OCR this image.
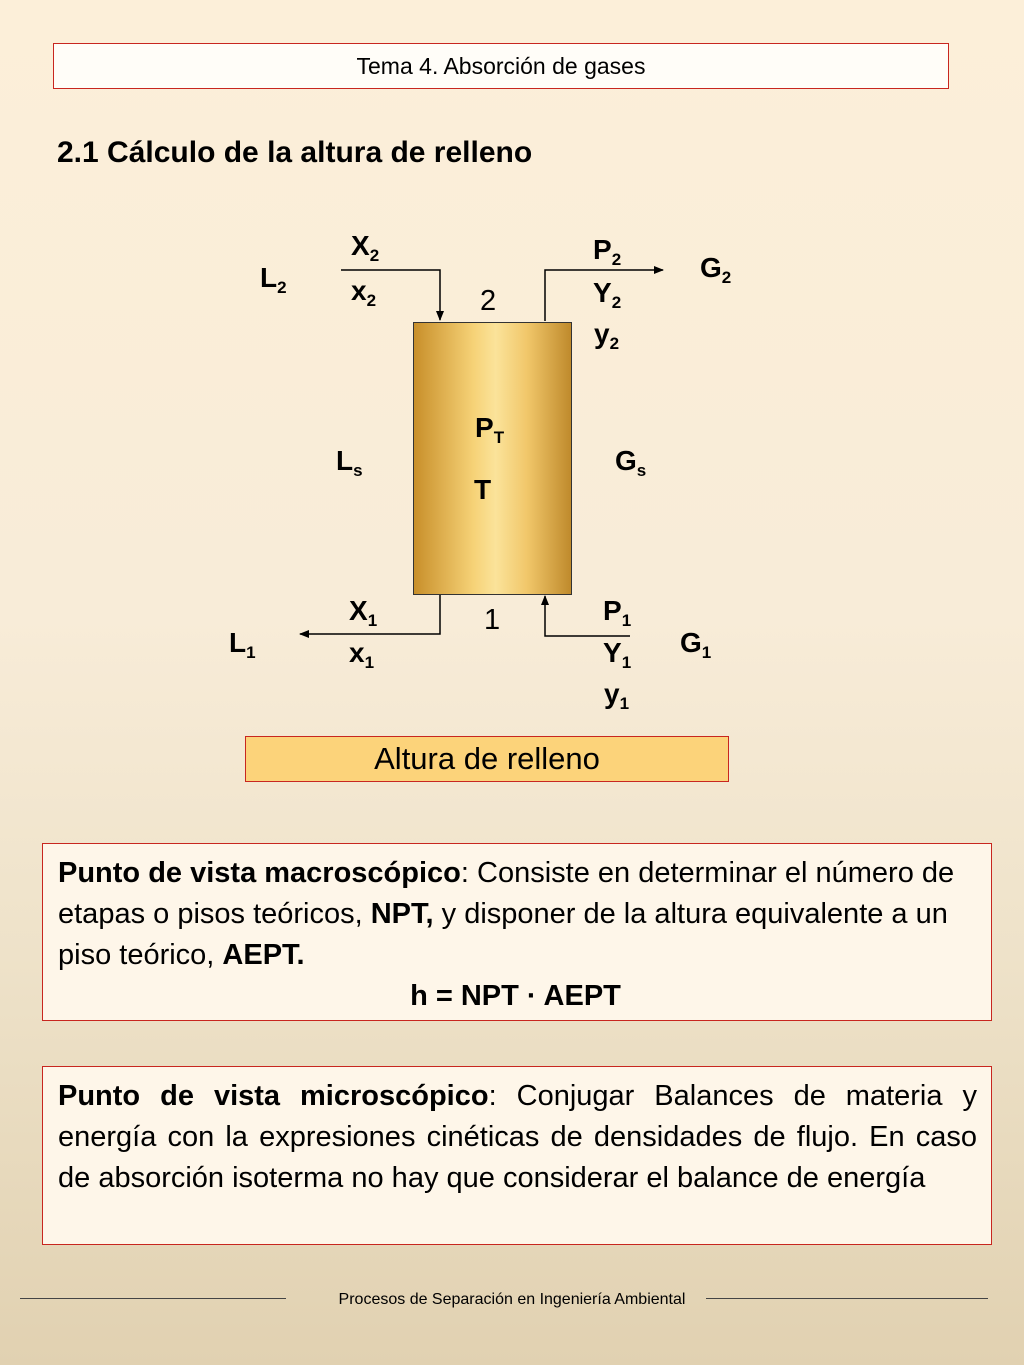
Tema 4. Absorción de gases
2.1 Cálculo de la altura de relleno
$X_2$
$x_2$
$L_2$
$P_2$
$Y_2$
$y_2$
$G_2$
2
$P_T$
T
$L_s$	$G_s$
$X_1$
$x_1$
$L_1$
$P_1$
$Y_1$
$y_1$
$G_1$
1
Altura de relleno
Punto de vista macroscópico: Consiste en determinar el número de etapas o pisos teóricos, NPT, y disponer de la altura equivalente a un piso teórico, AEPT.
h = NPT · AEPT
Punto de vista microscópico: Conjugar Balances de materia y energía con la expresiones cinéticas de densidades de flujo. En caso de absorción isoterma no hay que considerar el balance de energía
Procesos de Separación en Ingeniería Ambiental
